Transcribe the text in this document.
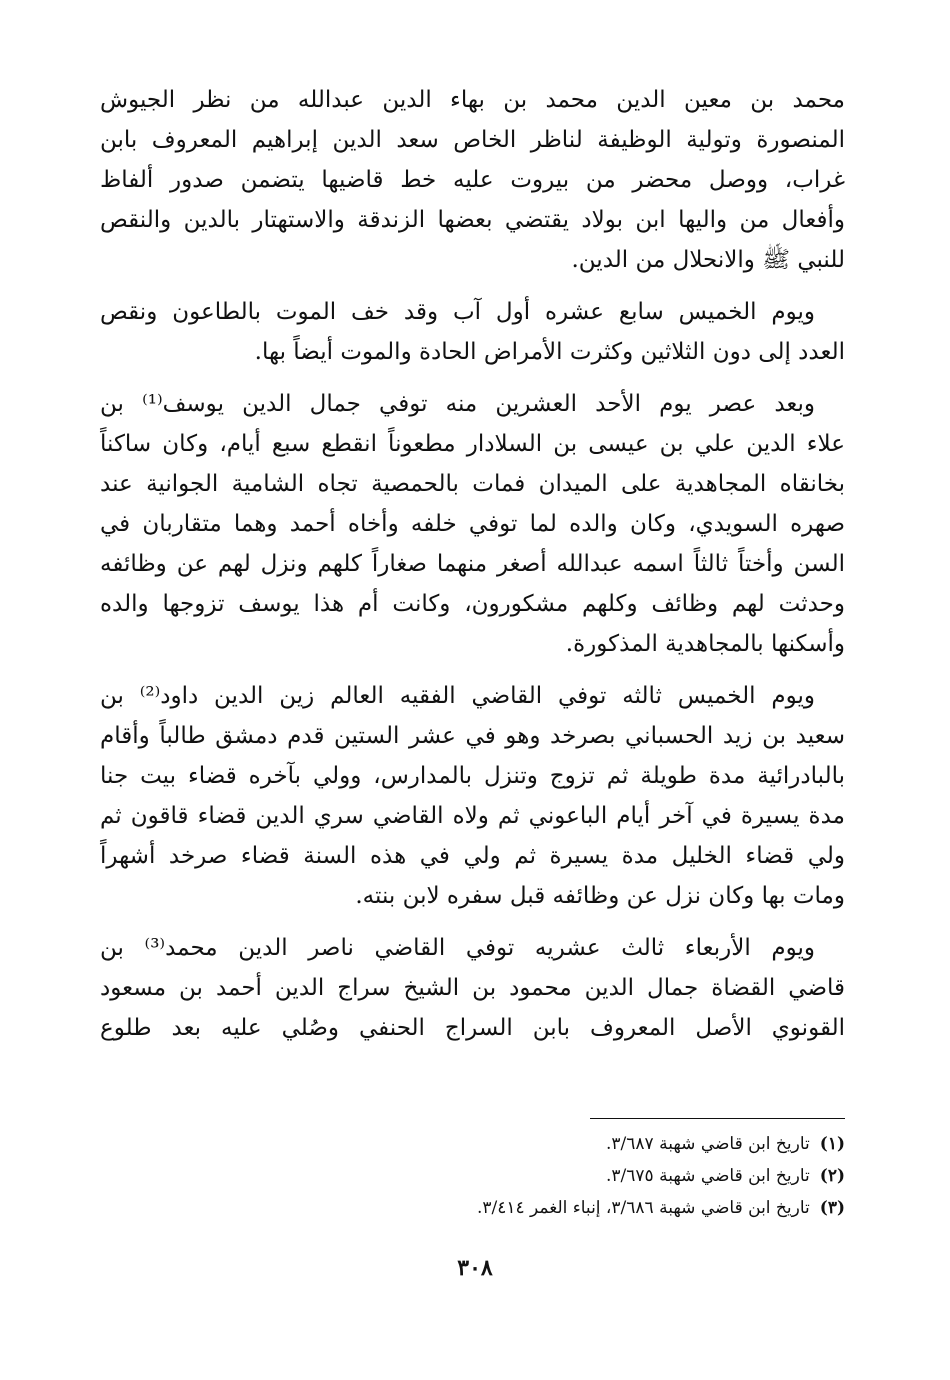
محمد بن معين الدين محمد بن بهاء الدين عبدالله من نظر الجيوش
المنصورة وتولية الوظيفة لناظر الخاص سعد الدين إبراهيم المعروف بابن
غراب، ووصل محضر من بيروت عليه خط قاضيها يتضمن صدور ألفاظ
وأفعال من واليها ابن بولاد يقتضي بعضها الزندقة والاستهتار بالدين والنقص
للنبي ﷺ والانحلال من الدين.
ويوم الخميس سابع عشره أول آب وقد خف الموت بالطاعون ونقص
العدد إلى دون الثلاثين وكثرت الأمراض الحادة والموت أيضاً بها.
وبعد عصر يوم الأحد العشرين منه توفي جمال الدين يوسف⁽¹⁾ بن
علاء الدين علي بن عيسى بن السلادار مطعوناً انقطع سبع أيام، وكان ساكناً
بخانقاه المجاهدية على الميدان فمات بالحمصية تجاه الشامية الجوانية عند
صهره السويدي، وكان والده لما توفي خلفه وأخاه أحمد وهما متقاربان في
السن وأختاً ثالثاً اسمه عبدالله أصغر منهما صغاراً كلهم ونزل لهم عن وظائفه
وحدثت لهم وظائف وكلهم مشكورون، وكانت أم هذا يوسف تزوجها والده
وأسكنها بالمجاهدية المذكورة.
ويوم الخميس ثالثه توفي القاضي الفقيه العالم زين الدين داود⁽²⁾ بن
سعيد بن زيد الحسباني بصرخد وهو في عشر الستين قدم دمشق طالباً وأقام
بالبادرائية مدة طويلة ثم تزوج وتنزل بالمدارس، وولي بآخره قضاء بيت جنا
مدة يسيرة في آخر أيام الباعوني ثم ولاه القاضي سري الدين قضاء قاقون ثم
ولي قضاء الخليل مدة يسيرة ثم ولي في هذه السنة قضاء صرخد أشهراً
ومات بها وكان نزل عن وظائفه قبل سفره لابن بنته.
ويوم الأربعاء ثالث عشريه توفي القاضي ناصر الدين محمد⁽³⁾ بن
قاضي القضاة جمال الدين محمود بن الشيخ سراج الدين أحمد بن مسعود
القونوي الأصل المعروف بابن السراج الحنفي وصُلي عليه بعد طلوع
(١)تاريخ ابن قاضي شهبة ٣/٦٨٧.
(٢)تاريخ ابن قاضي شهبة ٣/٦٧٥.
(٣)تاريخ ابن قاضي شهبة ٣/٦٨٦، إنباء الغمر ٣/٤١٤.
٣٠٨
